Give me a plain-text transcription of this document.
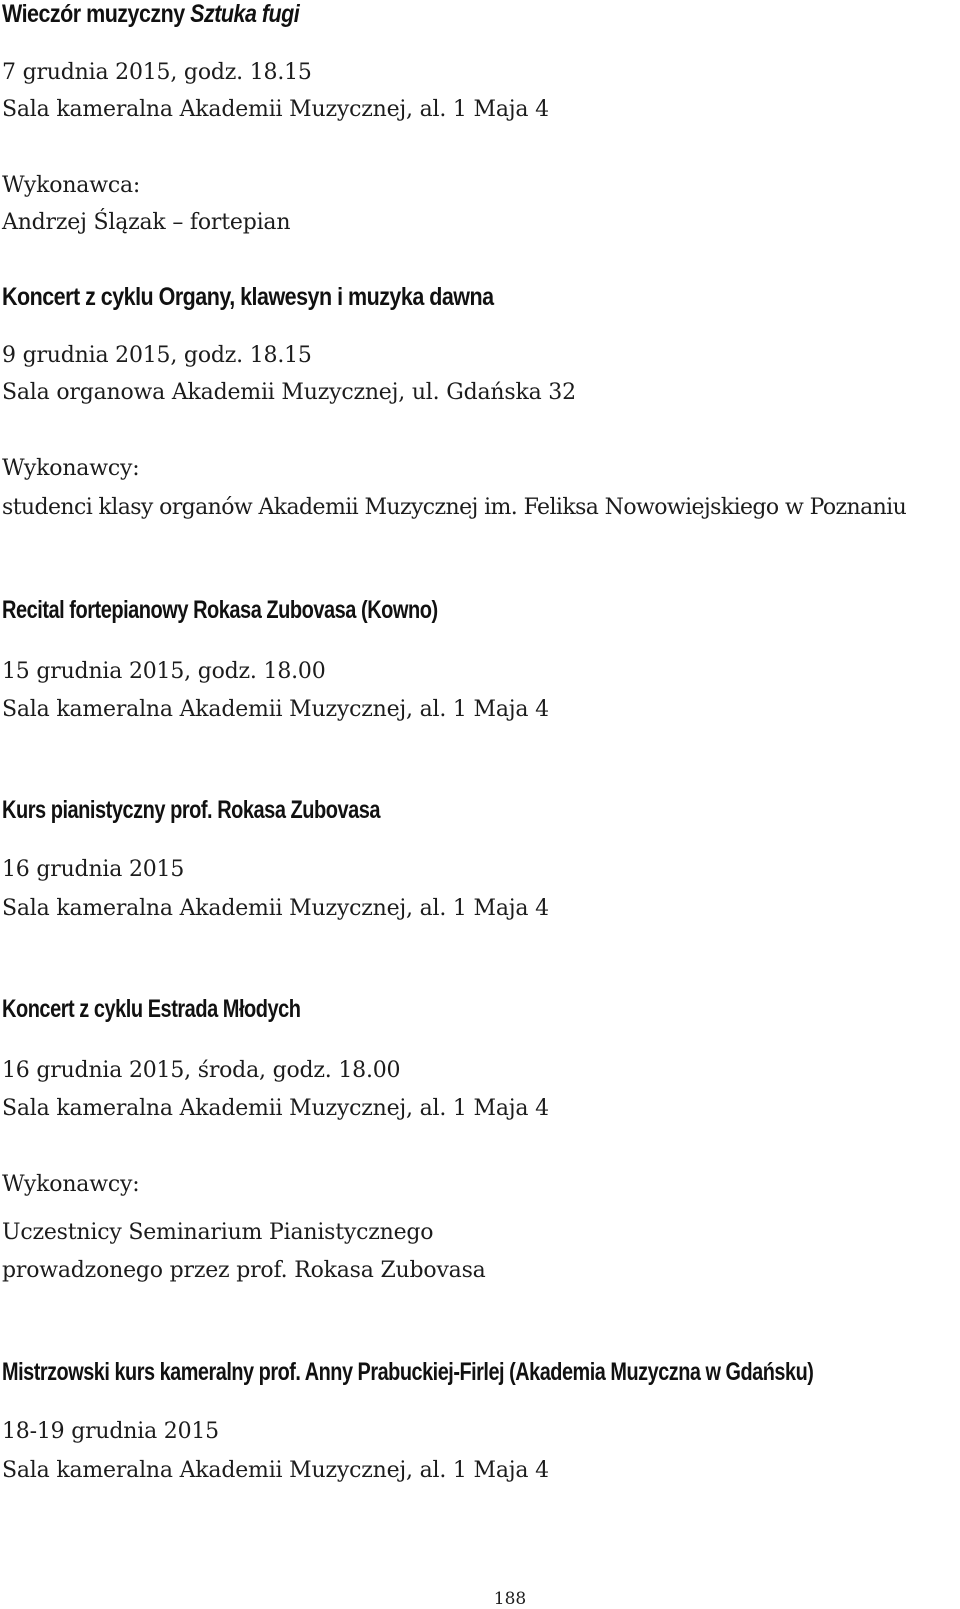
Wieczór muzyczny Sztuka fugi
7 grudnia 2015, godz. 18.15
Sala kameralna Akademii Muzycznej, al. 1 Maja 4
Wykonawca:
Andrzej Ślązak – fortepian
Koncert z cyklu Organy, klawesyn i muzyka dawna
9 grudnia 2015, godz. 18.15
Sala organowa Akademii Muzycznej, ul. Gdańska 32
Wykonawcy:
studenci klasy organów Akademii Muzycznej im. Feliksa Nowowiejskiego w Poznaniu
Recital fortepianowy Rokasa Zubovasa (Kowno)
15 grudnia 2015, godz. 18.00
Sala kameralna Akademii Muzycznej, al. 1 Maja 4
Kurs pianistyczny prof. Rokasa Zubovasa
16 grudnia 2015
Sala kameralna Akademii Muzycznej, al. 1 Maja 4
Koncert z cyklu Estrada Młodych
16 grudnia 2015, środa, godz. 18.00
Sala kameralna Akademii Muzycznej, al. 1 Maja 4
Wykonawcy:
Uczestnicy Seminarium Pianistycznego
prowadzonego przez prof. Rokasa Zubovasa
Mistrzowski kurs kameralny prof. Anny Prabuckiej-Firlej (Akademia Muzyczna w Gdańsku)
18-19 grudnia 2015
Sala kameralna Akademii Muzycznej, al. 1 Maja 4
188
